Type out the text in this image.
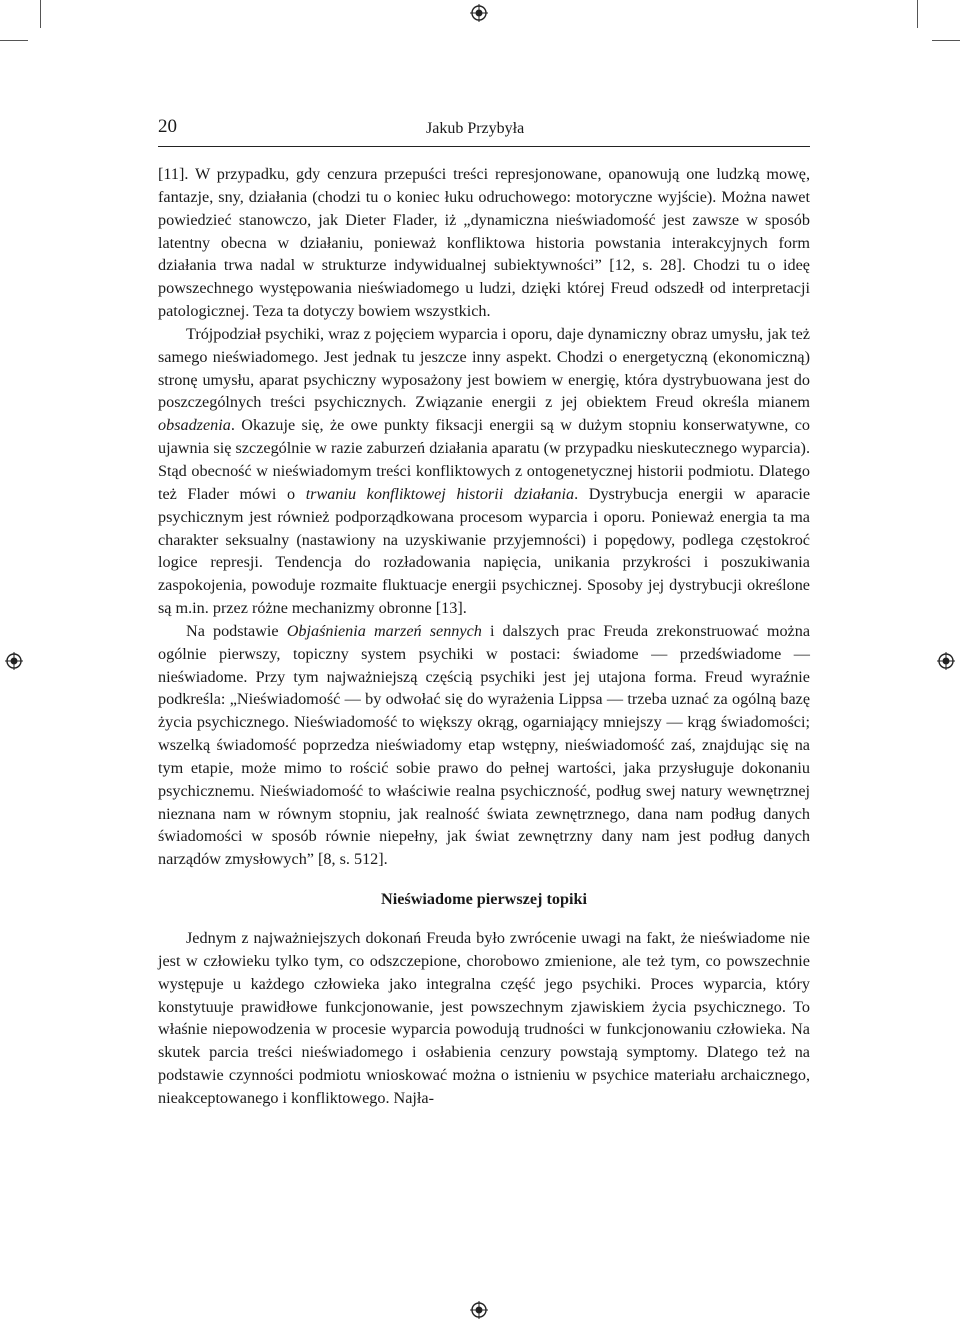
20	Jakub Przybyła

[11]. W przypadku, gdy cenzura przepuści treści represjonowane, opanowują one ludzką mowę, fantazje, sny, działania (chodzi tu o koniec łuku odruchowego: motoryczne wyjście). Można nawet powiedzieć stanowczo, jak Dieter Flader, iż „dynamiczna nieświadomość jest zawsze w sposób latentny obecna w działaniu, ponieważ konfliktowa historia powstania interakcyjnych form działania trwa nadal w strukturze indywidualnej subiektywności” [12, s. 28]. Chodzi tu o ideę powszechnego występowania nieświadomego u ludzi, dzięki której Freud odszedł od interpretacji patologicznej. Teza ta dotyczy bowiem wszystkich.

Trójpodział psychiki, wraz z pojęciem wyparcia i oporu, daje dynamiczny obraz umysłu, jak też samego nieświadomego. Jest jednak tu jeszcze inny aspekt. Chodzi o energetyczną (ekonomiczną) stronę umysłu, aparat psychiczny wyposażony jest bowiem w energię, która dystrybuowana jest do poszczególnych treści psychicznych. Związanie energii z jej obiektem Freud określa mianem obsadzenia. Okazuje się, że owe punkty fiksacji energii są w dużym stopniu konserwatywne, co ujawnia się szczególnie w razie zaburzeń działania aparatu (w przypadku nieskutecznego wyparcia). Stąd obecność w nieświadomym treści konfliktowych z ontogenetycznej historii podmiotu. Dlatego też Flader mówi o trwaniu konfliktowej historii działania. Dystrybucja energii w aparacie psychicznym jest również podporządkowana procesom wyparcia i oporu. Ponieważ energia ta ma charakter seksualny (nastawiony na uzyskiwanie przyjemności) i popędowy, podlega częstokroć logice represji. Tendencja do rozładowania napięcia, unikania przykrości i poszukiwania zaspokojenia, powoduje rozmaite fluktuacje energii psychicznej. Sposoby jej dystrybucji określone są m.in. przez różne mechanizmy obronne [13].

Na podstawie Objaśnienia marzeń sennych i dalszych prac Freuda zrekonstruować można ogólnie pierwszy, topiczny system psychiki w postaci: świadome — przedświadome — nieświadome. Przy tym najważniejszą częścią psychiki jest jej utajona forma. Freud wyraźnie podkreśla: „Nieświadomość — by odwołać się do wyrażenia Lippsa — trzeba uznać za ogólną bazę życia psychicznego. Nieświadomość to większy okrąg, ogarniający mniejszy — krąg świadomości; wszelką świadomość poprzedza nieświadomy etap wstępny, nieświadomość zaś, znajdując się na tym etapie, może mimo to rościć sobie prawo do pełnej wartości, jaka przysługuje dokonaniu psychicznemu. Nieświadomość to właściwie realna psychiczność, podług swej natury wewnętrznej nieznana nam w równym stopniu, jak realność świata zewnętrznego, dana nam podług danych świadomości w sposób równie niepełny, jak świat zewnętrzny dany nam jest podług danych narządów zmysłowych” [8, s. 512].

Nieświadome pierwszej topiki

Jednym z najważniejszych dokonań Freuda było zwrócenie uwagi na fakt, że nieświadome nie jest w człowieku tylko tym, co odszczepione, chorobowo zmienione, ale też tym, co powszechnie występuje u każdego człowieka jako integralna część jego psychiki. Proces wyparcia, który konstytuuje prawidłowe funkcjonowanie, jest powszechnym zjawiskiem życia psychicznego. To właśnie niepowodzenia w procesie wyparcia powodują trudności w funkcjonowaniu człowieka. Na skutek parcia treści nieświadomego i osłabienia cenzury powstają symptomy. Dlatego też na podstawie czynności podmiotu wnioskować można o istnieniu w psychice materiału archaicznego, nieakceptowanego i konfliktowego. Najła-
